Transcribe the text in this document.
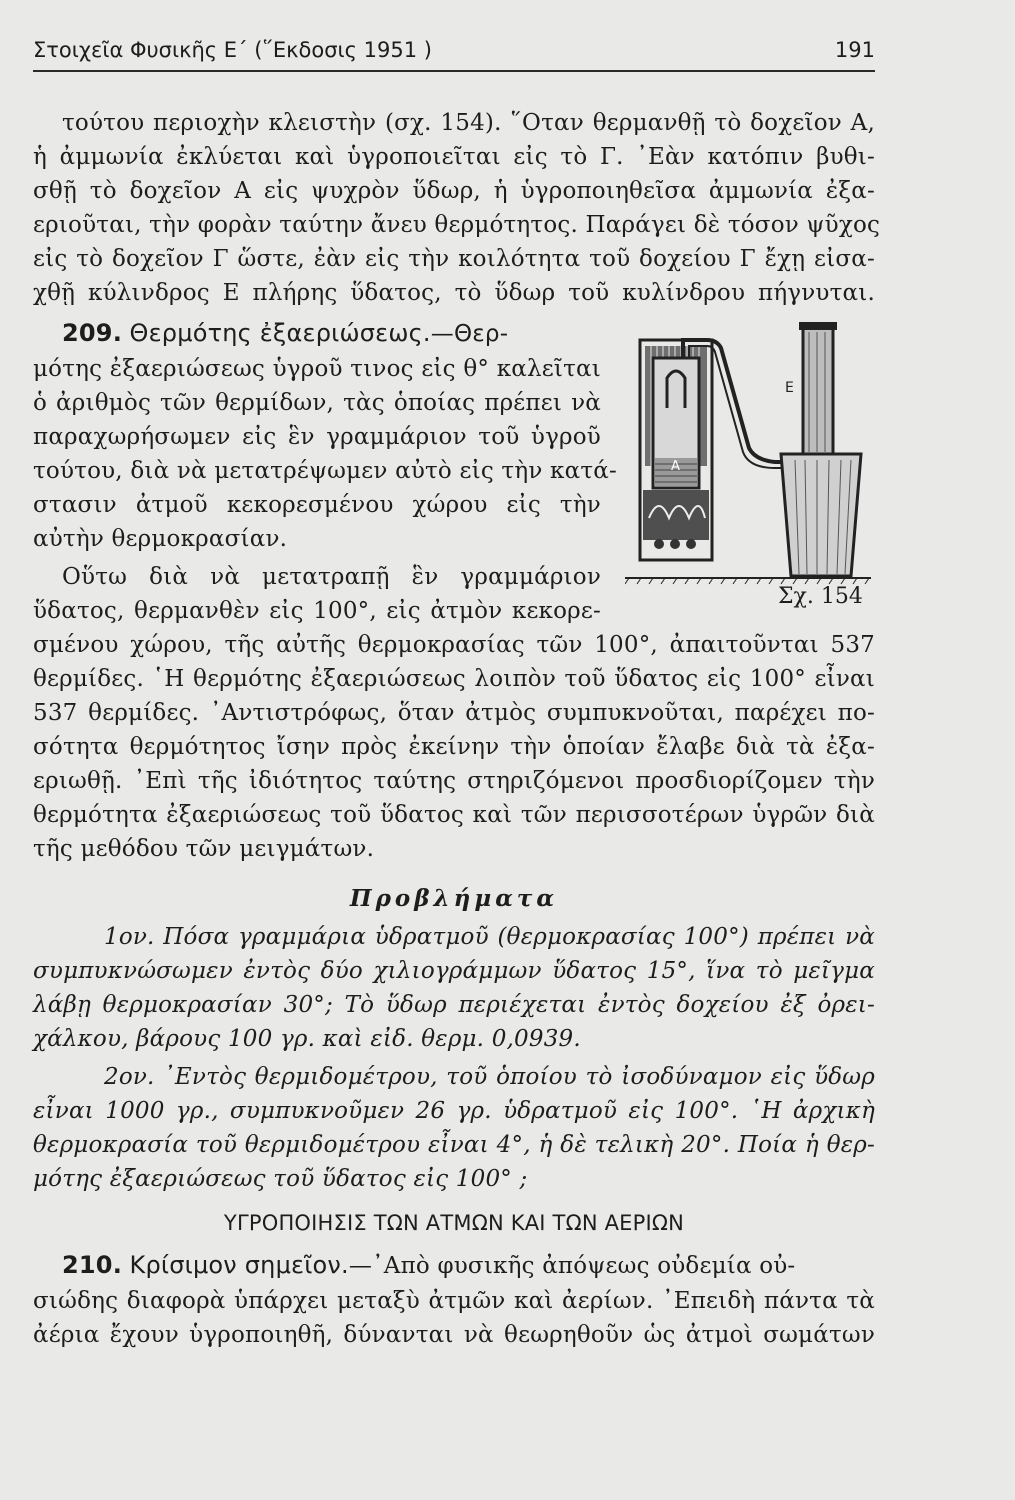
Στοιχεῖα Φυσικῆς Ε΄ (῞Εκδοσις 1951 )	191
τούτου περιοχὴν κλειστὴν (σχ. 154). ῞Οταν θερμανθῇ τὸ δοχεῖον Α,
ἡ ἀμμωνία ἐκλύεται καὶ ὑγροποιεῖται εἰς τὸ Γ. ᾿Εὰν κατόπιν βυθι-
σθῇ τὸ δοχεῖον Α εἰς ψυχρὸν ὕδωρ, ἡ ὑγροποιηθεῖσα ἀμμωνία ἐξα-
εριοῦται, τὴν φορὰν ταύτην ἄνευ θερμότητος. Παράγει δὲ τόσον ψῦχος
εἰς τὸ δοχεῖον Γ ὥστε, ἐὰν εἰς τὴν κοιλότητα τοῦ δοχείου Γ ἔχῃ εἰσα-
χθῇ κύλινδρος Ε πλήρης ὕδατος, τὸ ὕδωρ τοῦ κυλίνδρου πήγνυται.
209. Θερμότης ἐξαεριώσεως.—Θερ-
μότης ἐξαεριώσεως ὑγροῦ τινος εἰς θ° καλεῖται
ὁ ἀριθμὸς τῶν θερμίδων, τὰς ὁποίας πρέπει νὰ
παραχωρήσωμεν εἰς ἓν γραμμάριον τοῦ ὑγροῦ
τούτου, διὰ νὰ μετατρέψωμεν αὐτὸ εἰς τὴν κατά-
στασιν ἀτμοῦ κεκορεσμένου χώρου εἰς τὴν
αὐτὴν θερμοκρασίαν.
Οὕτω διὰ νὰ μετατραπῇ ἓν γραμμάριον
ὕδατος, θερμανθὲν εἰς 100°, εἰς ἀτμὸν κεκορε-
σμένου χώρου, τῆς αὐτῆς θερμοκρασίας τῶν 100°, ἀπαιτοῦνται 537
θερμίδες. ῾Η θερμότης ἐξαεριώσεως λοιπὸν τοῦ ὕδατος εἰς 100° εἶναι
537 θερμίδες. ᾿Αντιστρόφως, ὅταν ἀτμὸς συμπυκνοῦται, παρέχει πο-
σότητα θερμότητος ἴσην πρὸς ἐκείνην τὴν ὁποίαν ἔλαβε διὰ τὰ ἐξα-
εριωθῇ. ᾿Επὶ τῆς ἰδιότητος ταύτης στηριζόμενοι προσδιορίζομεν τὴν
θερμότητα ἐξαεριώσεως τοῦ ὕδατος καὶ τῶν περισσοτέρων ὑγρῶν διὰ
τῆς μεθόδου τῶν μειγμάτων.
Ε
Α
Σχ. 154
Προβλήματα
1ον. Πόσα γραμμάρια ὑδρατμοῦ (θερμοκρασίας 100°) πρέπει νὰ
συμπυκνώσωμεν ἐντὸς δύο χιλιογράμμων ὕδατος 15°, ἵνα τὸ μεῖγμα
λάβῃ θερμοκρασίαν 30°; Τὸ ὕδωρ περιέχεται ἐντὸς δοχείου ἐξ ὀρει-
χάλκου, βάρους 100 γρ. καὶ εἰδ. θερμ. 0,0939.
2ον. ᾿Εντὸς θερμιδομέτρου, τοῦ ὁποίου τὸ ἰσοδύναμον εἰς ὕδωρ
εἶναι 1000 γρ., συμπυκνοῦμεν 26 γρ. ὑδρατμοῦ εἰς 100°. ῾Η ἀρχικὴ
θερμοκρασία τοῦ θερμιδομέτρου εἶναι 4°, ἡ δὲ τελικὴ 20°. Ποία ἡ θερ-
μότης ἐξαεριώσεως τοῦ ὕδατος εἰς 100° ;
ΥΓΡΟΠΟΙΗΣΙΣ ΤΩΝ ΑΤΜΩΝ ΚΑΙ ΤΩΝ ΑΕΡΙΩΝ
210. Κρίσιμον σημεῖον.—᾿Απὸ φυσικῆς ἀπόψεως οὐδεμία οὐ-
σιώδης διαφορὰ ὑπάρχει μεταξὺ ἀτμῶν καὶ ἀερίων. ᾿Επειδὴ πάντα τὰ
ἀέρια ἔχουν ὑγροποιηθῆ, δύνανται νὰ θεωρηθοῦν ὡς ἀτμοὶ σωμάτων
